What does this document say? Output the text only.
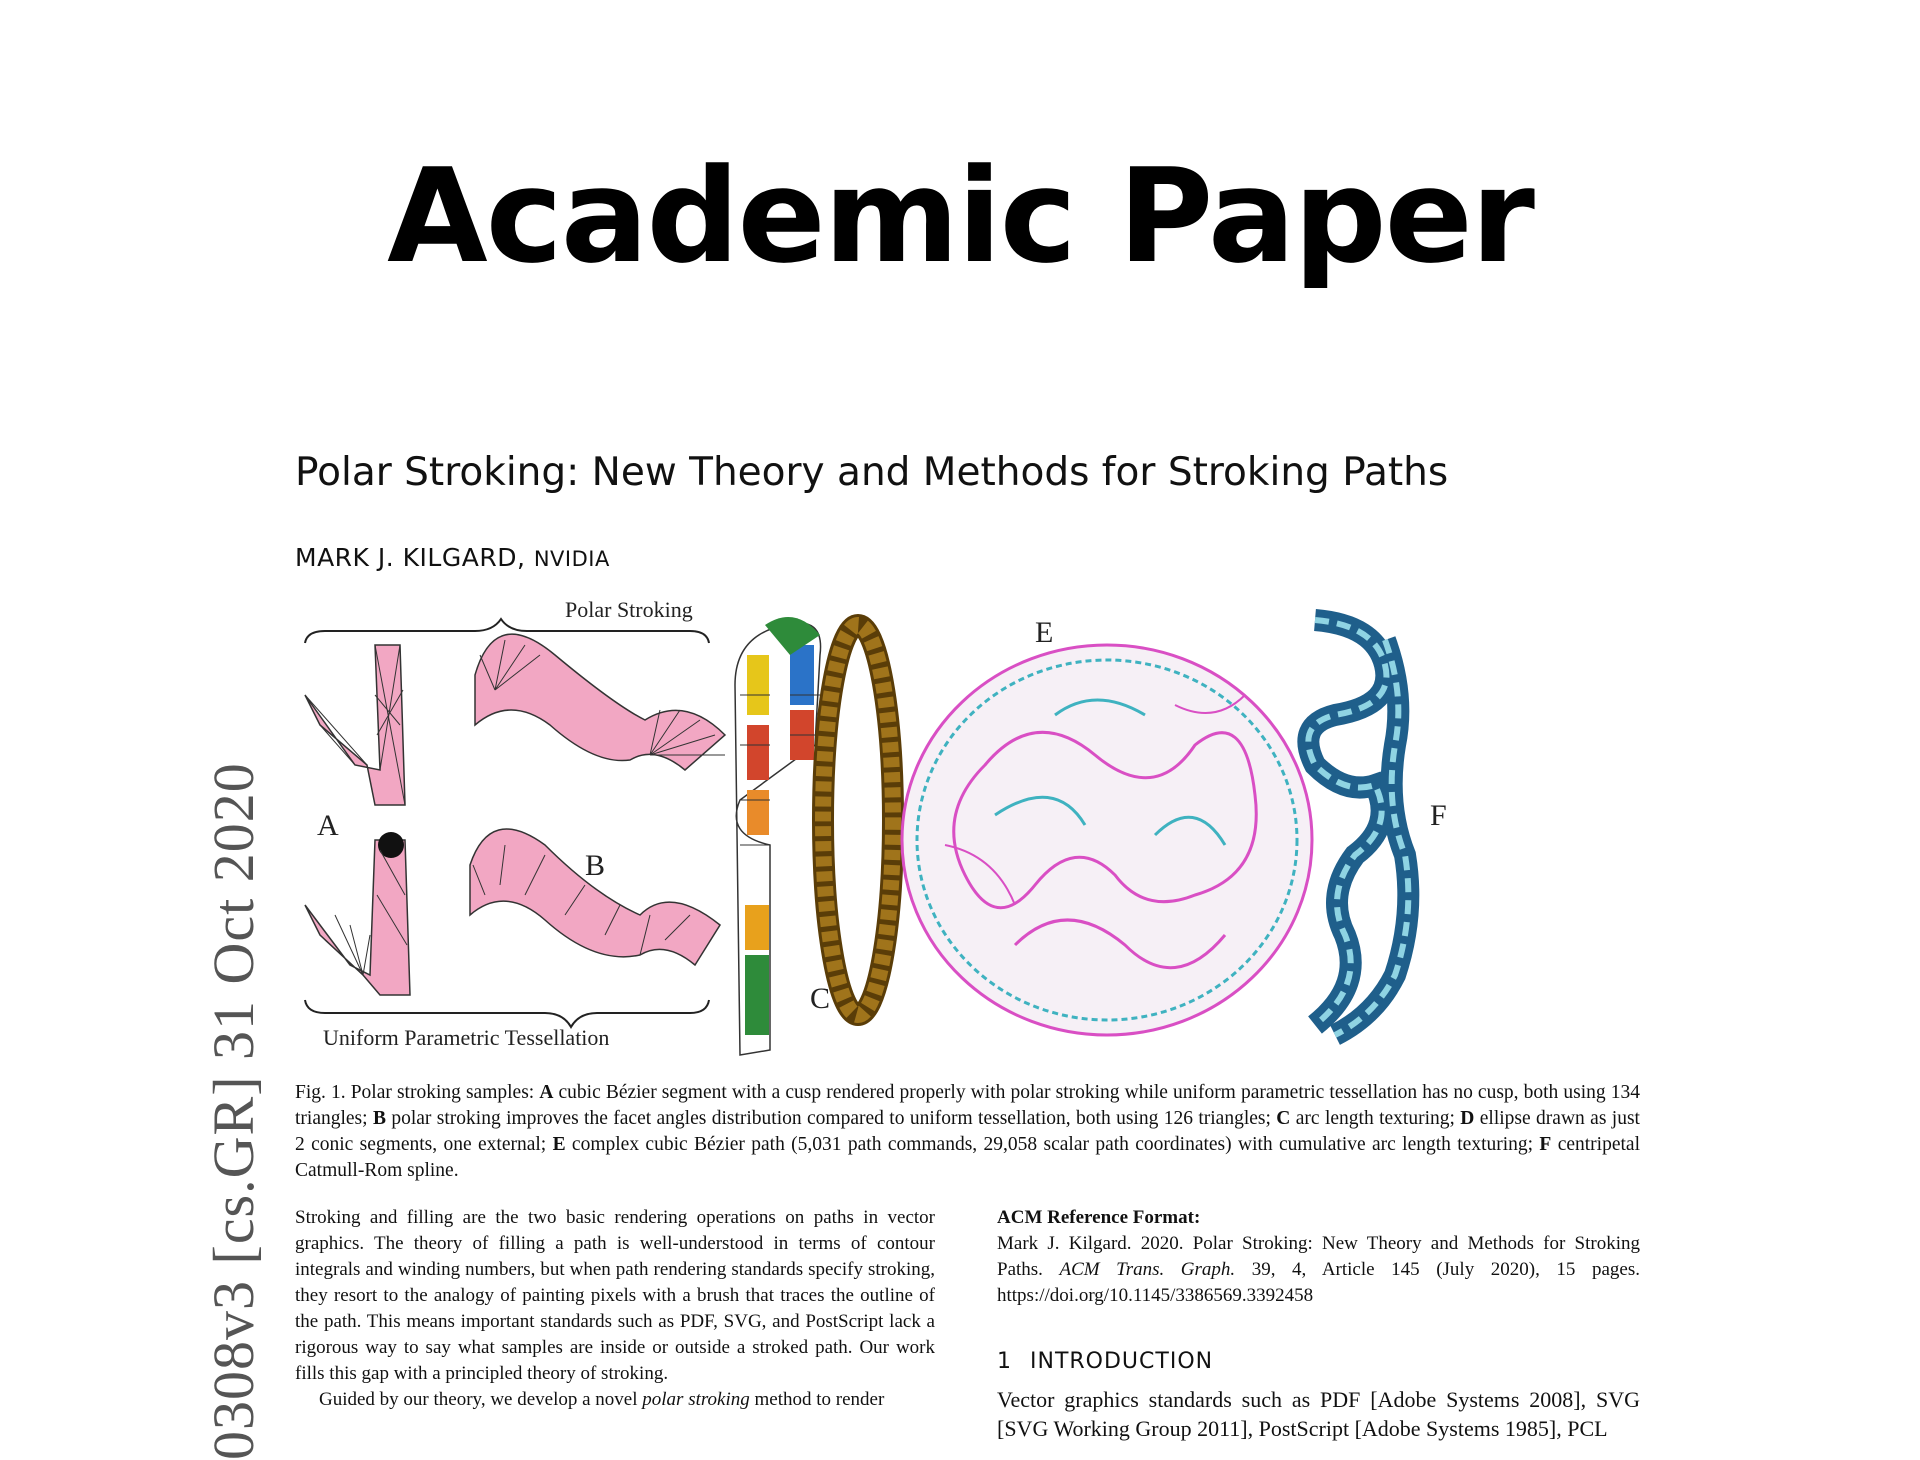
Academic Paper
0308v3 [cs.GR] 31 Oct 2020
Polar Stroking: New Theory and Methods for Stroking Paths
MARK J. KILGARD, NVIDIA
Polar Stroking
A
B
Uniform Parametric Tessellation
C
E
F
Fig. 1. Polar stroking samples: A cubic Bézier segment with a cusp rendered properly with polar stroking while uniform parametric tessellation has no cusp, both using 134 triangles; B polar stroking improves the facet angles distribution compared to uniform tessellation, both using 126 triangles; C arc length texturing; D ellipse drawn as just 2 conic segments, one external; E complex cubic Bézier path (5,031 path commands, 29,058 scalar path coordinates) with cumulative arc length texturing; F centripetal Catmull-Rom spline.

Stroking and filling are the two basic rendering operations on paths in vector graphics. The theory of filling a path is well-understood in terms of contour integrals and winding numbers, but when path rendering standards specify stroking, they resort to the analogy of painting pixels with a brush that traces the outline of the path. This means important standards such as PDF, SVG, and PostScript lack a rigorous way to say what samples are inside or outside a stroked path. Our work fills this gap with a principled theory of stroking.

Guided by our theory, we develop a novel polar stroking method to render

ACM Reference Format:
Mark J. Kilgard. 2020. Polar Stroking: New Theory and Methods for Stroking Paths. ACM Trans. Graph. 39, 4, Article 145 (July 2020), 15 pages. https://doi.org/10.1145/3386569.3392458
1 INTRODUCTION
Vector graphics standards such as PDF [Adobe Systems 2008], SVG [SVG Working Group 2011], PostScript [Adobe Systems 1985], PCL
